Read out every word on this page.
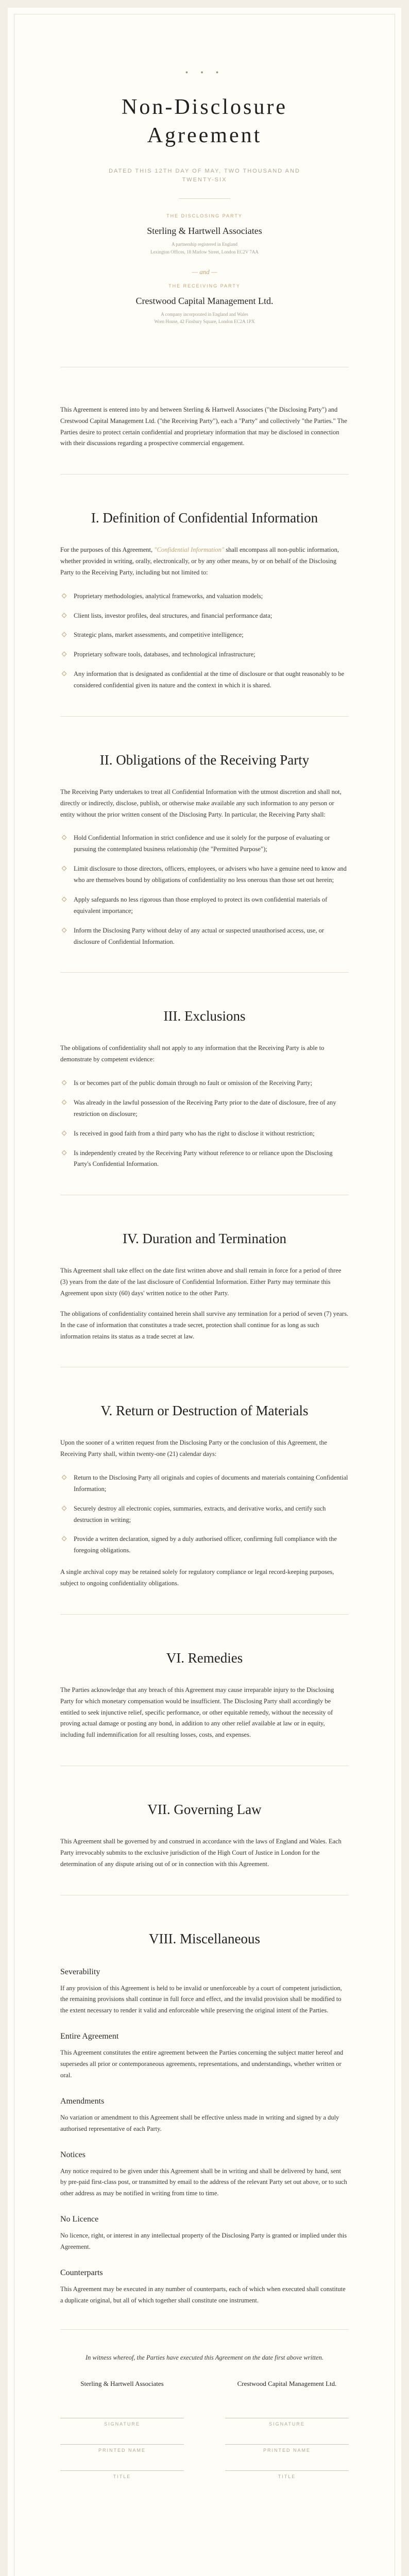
• • •
Non-Disclosure
Agreement
DATED THIS 12TH DAY OF MAY, TWO THOUSAND AND TWENTY-SIX
THE DISCLOSING PARTY
Sterling & Hartwell Associates
A partnership registered in England
Lexington Offices, 18 Marlow Street, London EC2V 7AA
— and —
THE RECEIVING PARTY
Crestwood Capital Management Ltd.
A company incorporated in England and Wales
Wren House, 42 Finsbury Square, London EC2A 1PX

This Agreement is entered into by and between Sterling & Hartwell Associates ("the Disclosing Party") and Crestwood Capital Management Ltd. ("the Receiving Party"), each a "Party" and collectively "the Parties." The Parties desire to protect certain confidential and proprietary information that may be disclosed in connection with their discussions regarding a prospective commercial engagement.

I. Definition of Confidential Information

For the purposes of this Agreement, "Confidential Information" shall encompass all non-public information, whether provided in writing, orally, electronically, or by any other means, by or on behalf of the Disclosing Party to the Receiving Party, including but not limited to:

Proprietary methodologies, analytical frameworks, and valuation models;
Client lists, investor profiles, deal structures, and financial performance data;
Strategic plans, market assessments, and competitive intelligence;
Proprietary software tools, databases, and technological infrastructure;
Any information that is designated as confidential at the time of disclosure or that ought reasonably to be considered confidential given its nature and the context in which it is shared.
II. Obligations of the Receiving Party

The Receiving Party undertakes to treat all Confidential Information with the utmost discretion and shall not, directly or indirectly, disclose, publish, or otherwise make available any such information to any person or entity without the prior written consent of the Disclosing Party. In particular, the Receiving Party shall:

Hold Confidential Information in strict confidence and use it solely for the purpose of evaluating or pursuing the contemplated business relationship (the "Permitted Purpose");
Limit disclosure to those directors, officers, employees, or advisers who have a genuine need to know and who are themselves bound by obligations of confidentiality no less onerous than those set out herein;
Apply safeguards no less rigorous than those employed to protect its own confidential materials of equivalent importance;
Inform the Disclosing Party without delay of any actual or suspected unauthorised access, use, or disclosure of Confidential Information.
III. Exclusions

The obligations of confidentiality shall not apply to any information that the Receiving Party is able to demonstrate by competent evidence:

Is or becomes part of the public domain through no fault or omission of the Receiving Party;
Was already in the lawful possession of the Receiving Party prior to the date of disclosure, free of any restriction on disclosure;
Is received in good faith from a third party who has the right to disclose it without restriction;
Is independently created by the Receiving Party without reference to or reliance upon the Disclosing Party's Confidential Information.
IV. Duration and Termination

This Agreement shall take effect on the date first written above and shall remain in force for a period of three (3) years from the date of the last disclosure of Confidential Information. Either Party may terminate this Agreement upon sixty (60) days' written notice to the other Party.

The obligations of confidentiality contained herein shall survive any termination for a period of seven (7) years. In the case of information that constitutes a trade secret, protection shall continue for as long as such information retains its status as a trade secret at law.

V. Return or Destruction of Materials

Upon the sooner of a written request from the Disclosing Party or the conclusion of this Agreement, the Receiving Party shall, within twenty-one (21) calendar days:

Return to the Disclosing Party all originals and copies of documents and materials containing Confidential Information;
Securely destroy all electronic copies, summaries, extracts, and derivative works, and certify such destruction in writing;
Provide a written declaration, signed by a duly authorised officer, confirming full compliance with the foregoing obligations.

A single archival copy may be retained solely for regulatory compliance or legal record-keeping purposes, subject to ongoing confidentiality obligations.

VI. Remedies

The Parties acknowledge that any breach of this Agreement may cause irreparable injury to the Disclosing Party for which monetary compensation would be insufficient. The Disclosing Party shall accordingly be entitled to seek injunctive relief, specific performance, or other equitable remedy, without the necessity of proving actual damage or posting any bond, in addition to any other relief available at law or in equity, including full indemnification for all resulting losses, costs, and expenses.

VII. Governing Law

This Agreement shall be governed by and construed in accordance with the laws of England and Wales. Each Party irrevocably submits to the exclusive jurisdiction of the High Court of Justice in London for the determination of any dispute arising out of or in connection with this Agreement.

VIII. Miscellaneous
Severability

If any provision of this Agreement is held to be invalid or unenforceable by a court of competent jurisdiction, the remaining provisions shall continue in full force and effect, and the invalid provision shall be modified to the extent necessary to render it valid and enforceable while preserving the original intent of the Parties.

Entire Agreement

This Agreement constitutes the entire agreement between the Parties concerning the subject matter hereof and supersedes all prior or contemporaneous agreements, representations, and understandings, whether written or oral.

Amendments

No variation or amendment to this Agreement shall be effective unless made in writing and signed by a duly authorised representative of each Party.

Notices

Any notice required to be given under this Agreement shall be in writing and shall be delivered by hand, sent by pre-paid first-class post, or transmitted by email to the address of the relevant Party set out above, or to such other address as may be notified in writing from time to time.

No Licence

No licence, right, or interest in any intellectual property of the Disclosing Party is granted or implied under this Agreement.

Counterparts

This Agreement may be executed in any number of counterparts, each of which when executed shall constitute a duplicate original, but all of which together shall constitute one instrument.

In witness whereof, the Parties have executed this Agreement on the date first above written.

Sterling & Hartwell Associates
SIGNATURE
PRINTED NAME
TITLE
Crestwood Capital Management Ltd.
SIGNATURE
PRINTED NAME
TITLE
